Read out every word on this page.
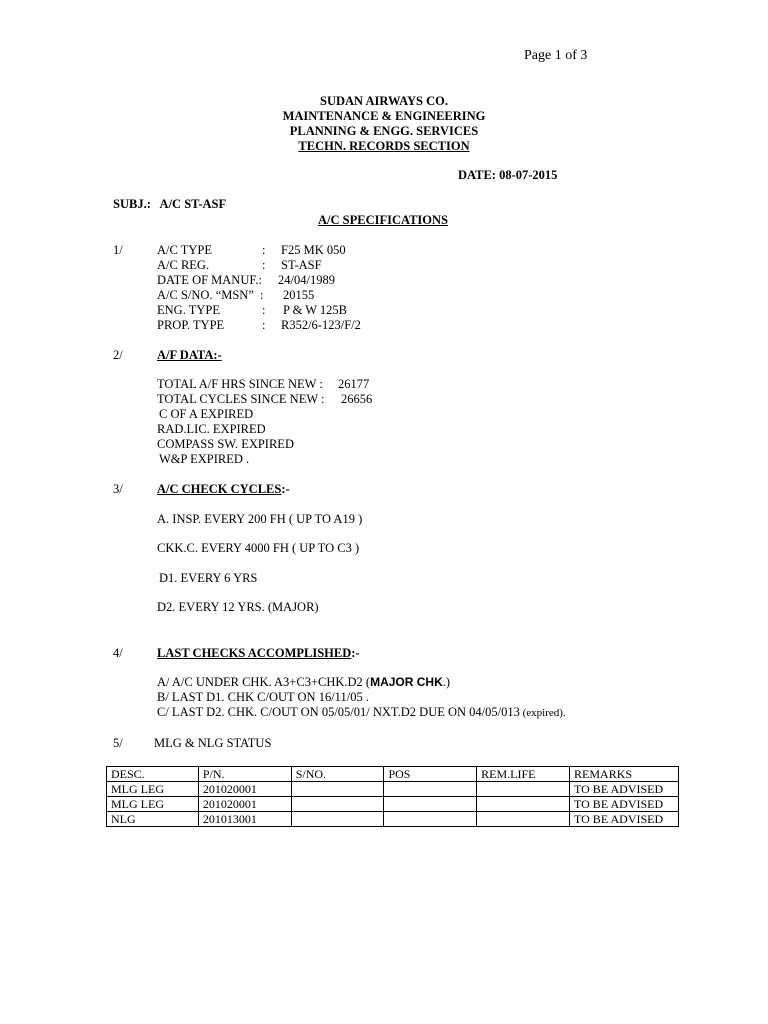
Page 1 of 3
SUDAN AIRWAYS CO.
MAINTENANCE & ENGINEERING
PLANNING & ENGG. SERVICES
TECHN. RECORDS SECTION
DATE: 08-07-2015
SUBJ.:   A/C ST-ASF
A/C SPECIFICATIONS
1/	A/C TYPE	: F25 MK 050
A/C REG.	: ST-ASF
DATE OF MANUF.: 24/04/1989
A/C S/NO. “MSN” : 20155
ENG. TYPE	: P & W 125B
PROP. TYPE	: R352/6-123/F/2
2/	A/F DATA:-
TOTAL A/F HRS SINCE NEW : 26177
TOTAL CYCLES SINCE NEW : 26656
C OF A EXPIRED
RAD.LIC. EXPIRED
COMPASS SW. EXPIRED
W&P EXPIRED .
3/	A/C CHECK CYCLES:-
A. INSP. EVERY 200 FH ( UP TO A19 )
CKK.C. EVERY 4000 FH ( UP TO C3 )
D1. EVERY 6 YRS
D2. EVERY 12 YRS. (MAJOR)
4/	LAST CHECKS ACCOMPLISHED:-
A/ A/C UNDER CHK. A3+C3+CHK.D2 (MAJOR CHK.)
B/ LAST D1. CHK C/OUT ON 16/11/05 .
C/ LAST D2. CHK. C/OUT ON 05/05/01/ NXT.D2 DUE ON 04/05/013 (expired).
5/	MLG & NLG STATUS
DESC.	P/N.	S/NO.	POS	REM.LIFE	REMARKS
MLG LEG	201020001				TO BE ADVISED
MLG LEG	201020001				TO BE ADVISED
NLG	201013001				TO BE ADVISED
